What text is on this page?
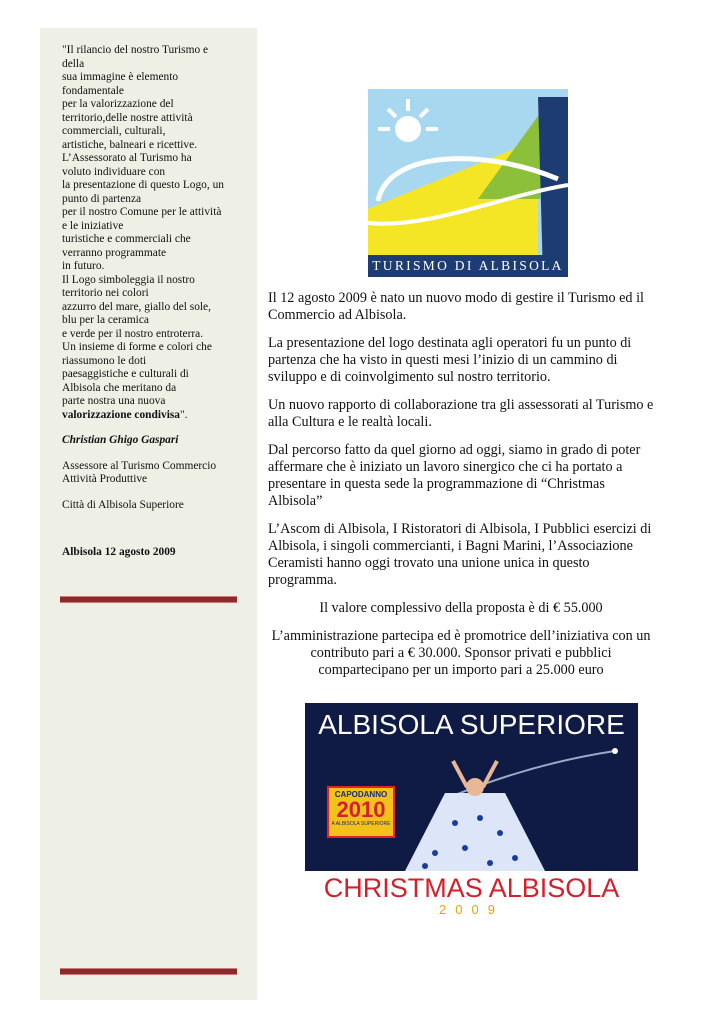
"Il rilancio del nostro Turismo e
della
sua immagine è elemento
fondamentale
per la valorizzazione del
territorio,delle nostre attività
commerciali, culturali,
artistiche, balneari e ricettive.
L’Assessorato al Turismo ha
voluto individuare con
la presentazione di questo Logo, un
punto di partenza
per il nostro Comune per le attività
e le iniziative
turistiche e commerciali che
verranno programmate
in futuro.
Il Logo simboleggia il nostro
territorio nei colori
azzurro del mare, giallo del sole,
blu per la ceramica
e verde per il nostro entroterra.
Un insieme di forme e colori che
riassumono le doti
paesaggistiche e culturali di
Albisola che meritano da
parte nostra una nuova
valorizzazione condivisa".

Christian Ghigo Gaspari

Assessore al Turismo Commercio
Attività Produttive

Città di Albisola Superiore

Albisola 12 agosto 2009

TURISMO DI ALBISOLA

Il 12 agosto 2009 è nato un nuovo modo di gestire il Turismo ed il Commercio ad Albisola.

La presentazione del logo destinata agli operatori fu un punto di partenza che ha visto in questi mesi l’inizio di un cammino di sviluppo e di coinvolgimento sul nostro territorio.

Un nuovo rapporto di collaborazione tra gli assessorati al Turismo e alla Cultura e le realtà locali.

Dal percorso fatto da quel giorno ad oggi, siamo in grado di poter affermare che è iniziato un lavoro sinergico che ci ha portato a presentare in questa sede la programmazione di “Christmas Albisola”

L’Ascom di Albisola, I Ristoratori di Albisola, I Pubblici esercizi di Albisola, i singoli commercianti, i Bagni Marini, l’Associazione Ceramisti hanno oggi trovato una unione unica in questo programma.

Il valore complessivo della proposta è di € 55.000

L’amministrazione partecipa ed è promotrice dell’iniziativa con un contributo pari a € 30.000. Sponsor privati e pubblici compartecipano per un importo pari a 25.000 euro

ALBISOLA SUPERIORE
CAPODANNO
2010
A ALBISOLA SUPERIORE
CHRISTMAS ALBISOLA
2009
